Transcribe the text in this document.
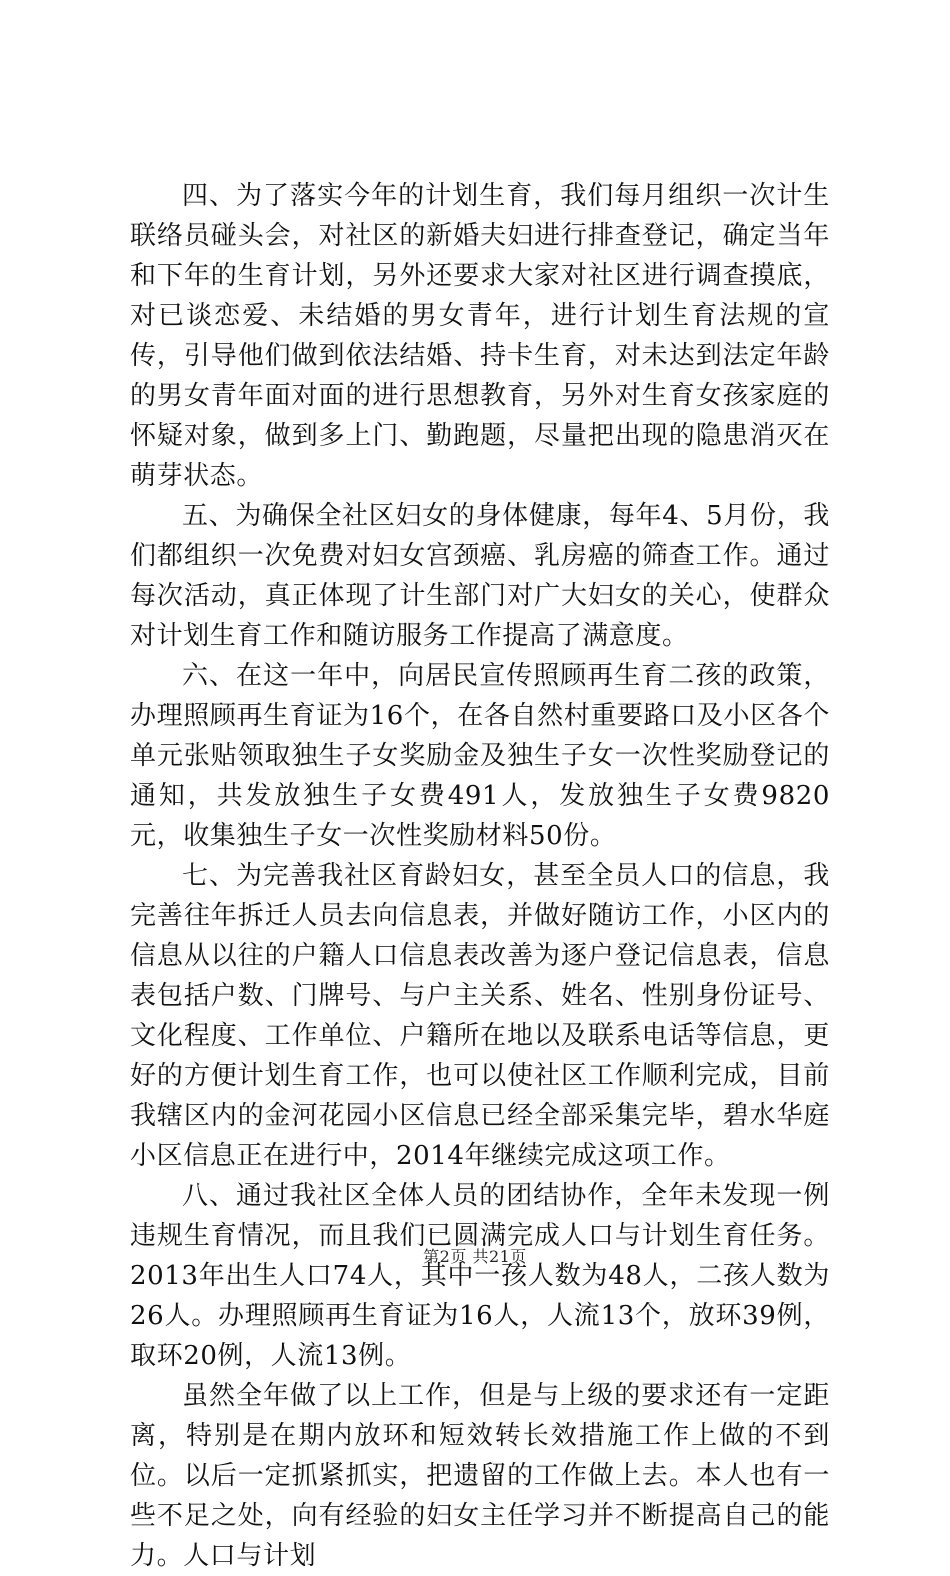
四、为了落实今年的计划生育，我们每月组织一次计生联络员碰头会，对社区的新婚夫妇进行排查登记，确定当年和下年的生育计划，另外还要求大家对社区进行调查摸底，对已谈恋爱、未结婚的男女青年，进行计划生育法规的宣传，引导他们做到依法结婚、持卡生育，对未达到法定年龄的男女青年面对面的进行思想教育，另外对生育女孩家庭的怀疑对象，做到多上门、勤跑题，尽量把出现的隐患消灭在萌芽状态。

五、为确保全社区妇女的身体健康，每年4、5月份，我们都组织一次免费对妇女宫颈癌、乳房癌的筛查工作。通过每次活动，真正体现了计生部门对广大妇女的关心，使群众对计划生育工作和随访服务工作提高了满意度。

六、在这一年中，向居民宣传照顾再生育二孩的政策，办理照顾再生育证为16个，在各自然村重要路口及小区各个单元张贴领取独生子女奖励金及独生子女一次性奖励登记的通知，共发放独生子女费491人，发放独生子女费9820元，收集独生子女一次性奖励材料50份。

七、为完善我社区育龄妇女，甚至全员人口的信息，我完善往年拆迁人员去向信息表，并做好随访工作，小区内的信息从以往的户籍人口信息表改善为逐户登记信息表，信息表包括户数、门牌号、与户主关系、姓名、性别身份证号、文化程度、工作单位、户籍所在地以及联系电话等信息，更好的方便计划生育工作，也可以使社区工作顺利完成，目前我辖区内的金河花园小区信息已经全部采集完毕，碧水华庭小区信息正在进行中，2014年继续完成这项工作。

八、通过我社区全体人员的团结协作，全年未发现一例违规生育情况，而且我们已圆满完成人口与计划生育任务。2013年出生人口74人，其中一孩人数为48人，二孩人数为26人。办理照顾再生育证为16人，人流13个，放环39例，取环20例，人流13例。

虽然全年做了以上工作，但是与上级的要求还有一定距离，特别是在期内放环和短效转长效措施工作上做的不到位。以后一定抓紧抓实，把遗留的工作做上去。本人也有一些不足之处，向有经验的妇女主任学习并不断提高自己的能力。人口与计划

第2页 共21页
